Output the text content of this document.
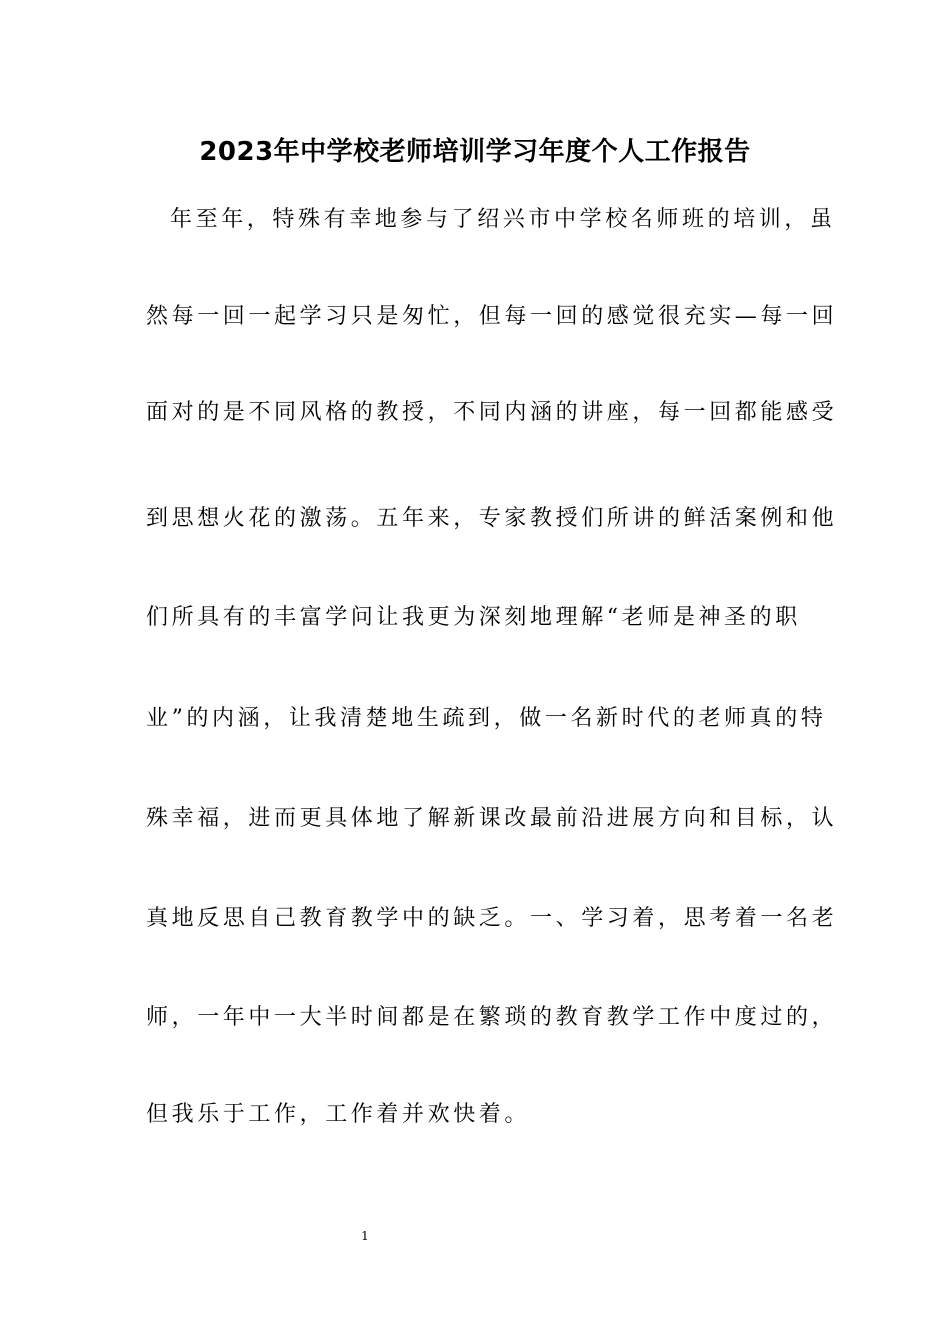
2023年中学校老师培训学习年度个人工作报告
年至年，特殊有幸地参与了绍兴市中学校名师班的培训，虽
然每一回一起学习只是匆忙，但每一回的感觉很充实—每一回
面对的是不同风格的教授，不同内涵的讲座，每一回都能感受
到思想火花的激荡。五年来，专家教授们所讲的鲜活案例和他
们所具有的丰富学问让我更为深刻地理解“老师是神圣的职
业”的内涵，让我清楚地生疏到，做一名新时代的老师真的特
殊幸福，进而更具体地了解新课改最前沿进展方向和目标，认
真地反思自己教育教学中的缺乏。一、学习着，思考着一名老
师，一年中一大半时间都是在繁琐的教育教学工作中度过的，
但我乐于工作，工作着并欢快着。
1
